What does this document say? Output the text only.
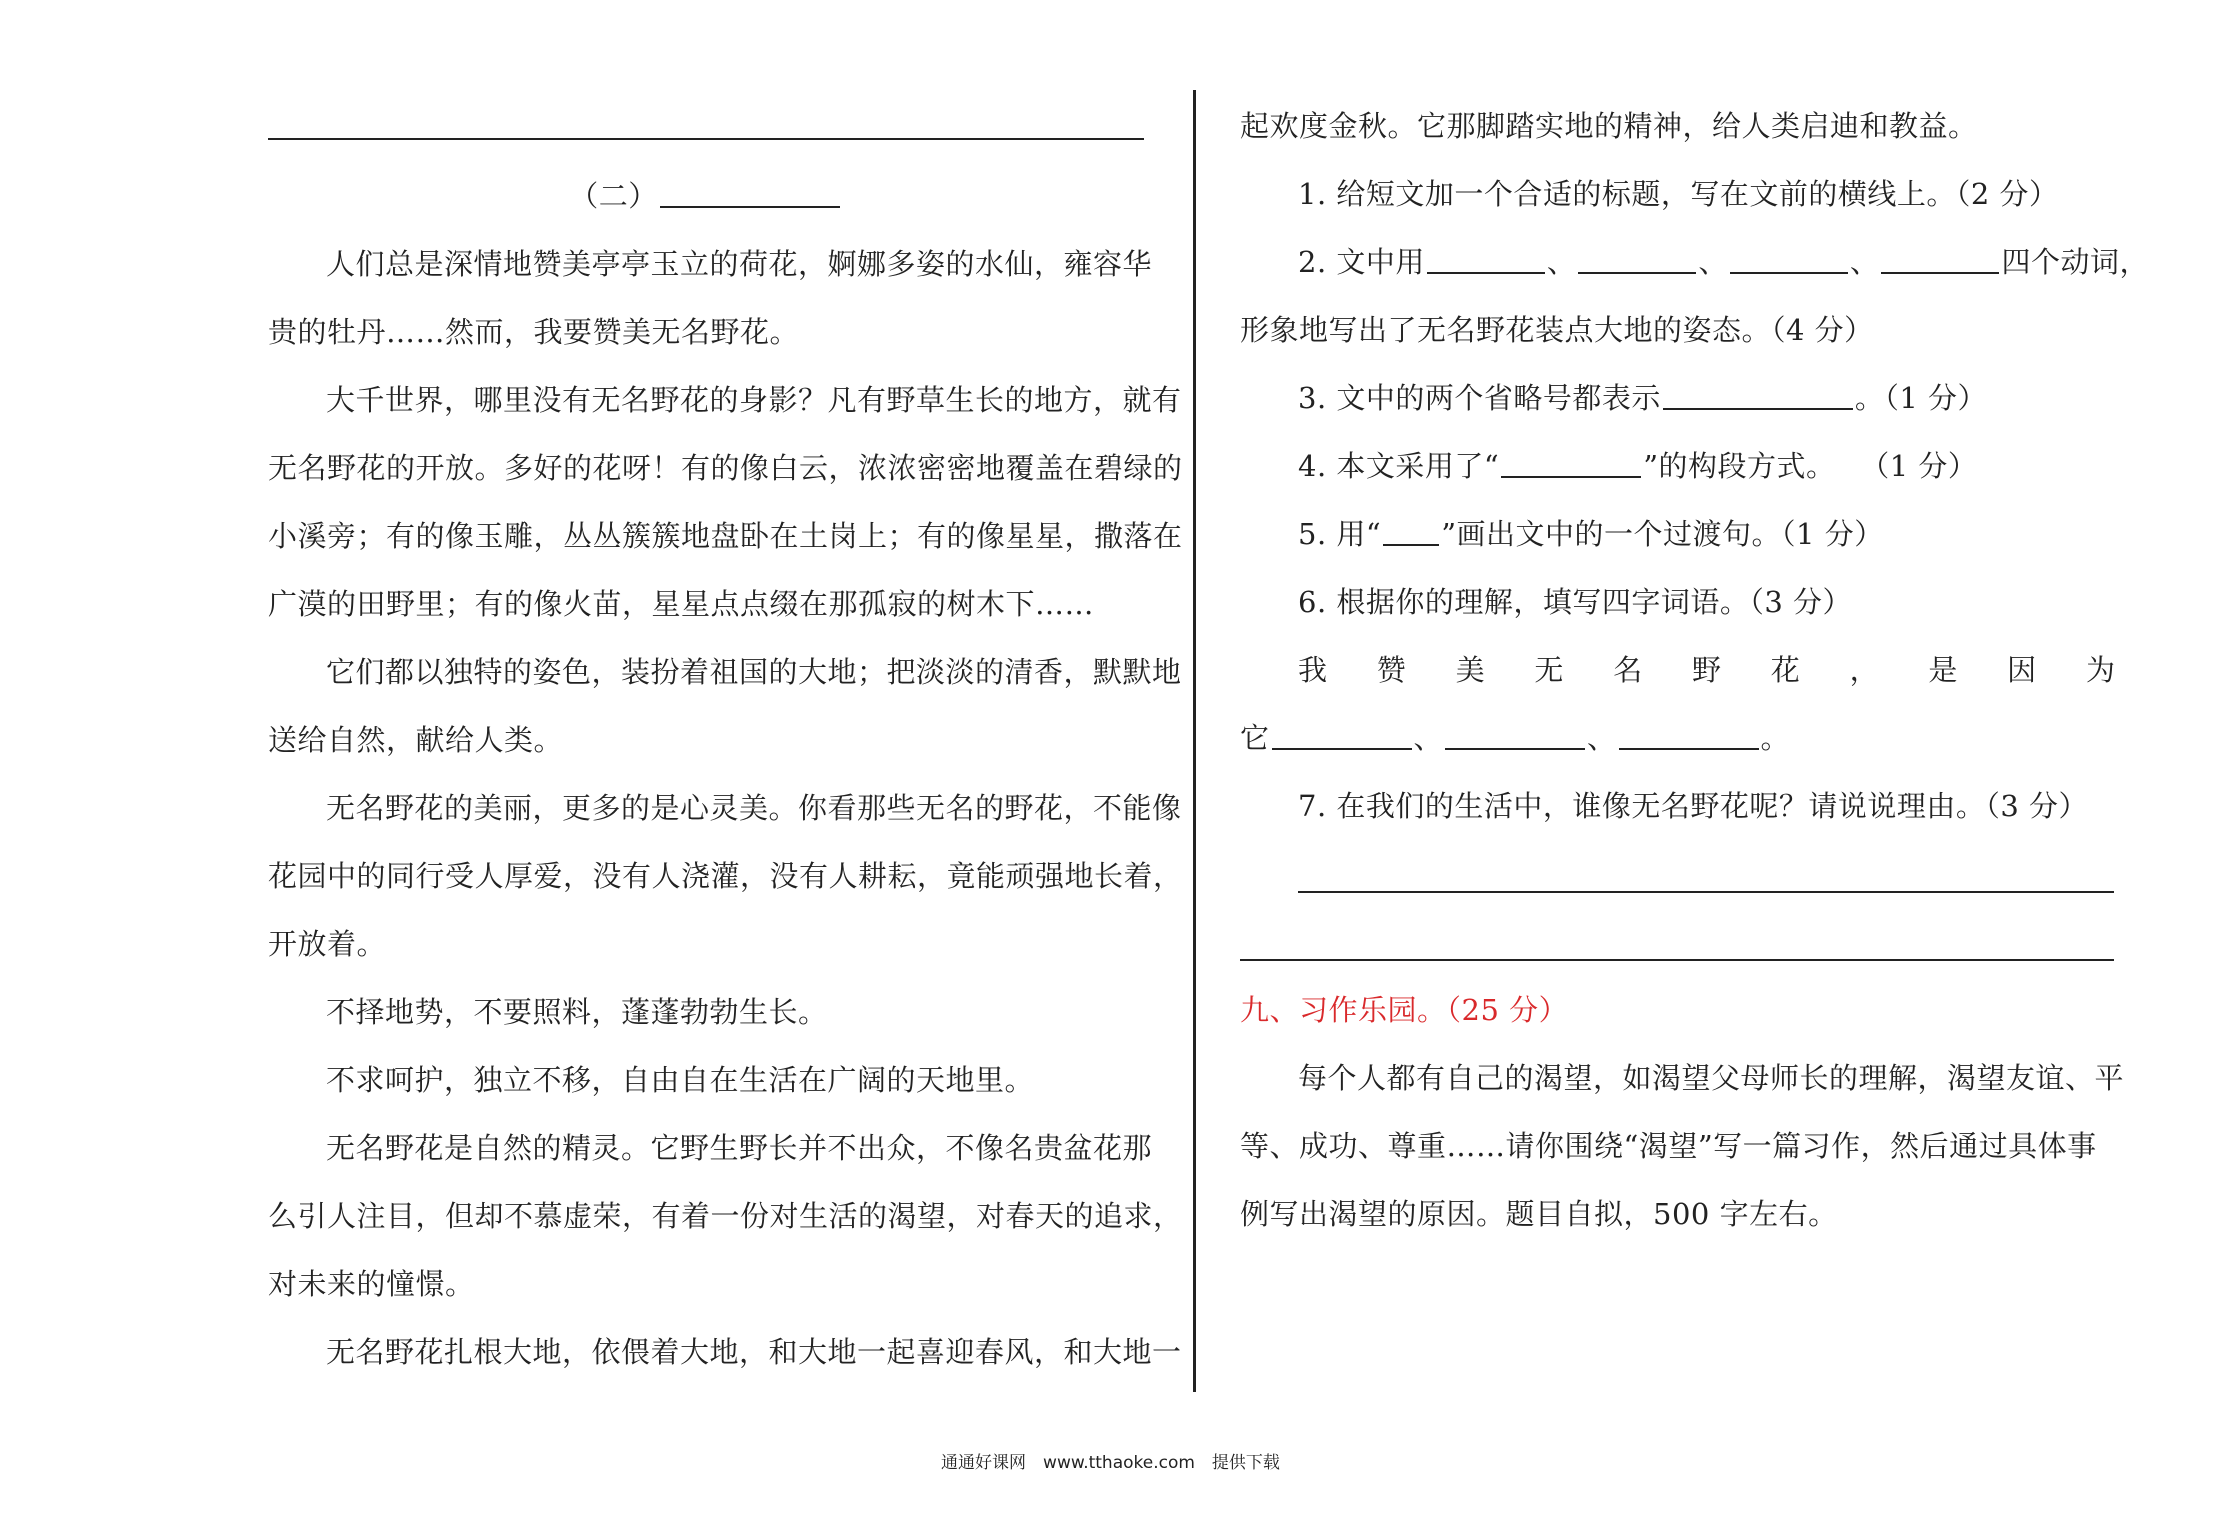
（二）
人们总是深情地赞美亭亭玉立的荷花，婀娜多姿的水仙，雍容华
贵的牡丹……然而，我要赞美无名野花。
大千世界，哪里没有无名野花的身影？凡有野草生长的地方，就有
无名野花的开放。多好的花呀！有的像白云，浓浓密密地覆盖在碧绿的
小溪旁；有的像玉雕，丛丛簇簇地盘卧在土岗上；有的像星星，撒落在
广漠的田野里；有的像火苗，星星点点缀在那孤寂的树木下……
它们都以独特的姿色，装扮着祖国的大地；把淡淡的清香，默默地
送给自然，献给人类。
无名野花的美丽，更多的是心灵美。你看那些无名的野花，不能像
花园中的同行受人厚爱，没有人浇灌，没有人耕耘，竟能顽强地长着，
开放着。
不择地势，不要照料，蓬蓬勃勃生长。
不求呵护，独立不移，自由自在生活在广阔的天地里。
无名野花是自然的精灵。它野生野长并不出众，不像名贵盆花那
么引人注目，但却不慕虚荣，有着一份对生活的渴望，对春天的追求，
对未来的憧憬。
无名野花扎根大地，依偎着大地，和大地一起喜迎春风，和大地一
起欢度金秋。它那脚踏实地的精神，给人类启迪和教益。
1. 给短文加一个合适的标题，写在文前的横线上。（2 分）
2. 文中用	、	、	、	四个动词，
形象地写出了无名野花装点大地的姿态。（4 分）
3. 文中的两个省略号都表示	。（1 分）
4. 本文采用了“	”的构段方式。　 （1 分）
5. 用“ ”画出文中的一个过渡句。（1 分）
6. 根据你的理解，填写四字词语。（3 分）
我 赞 美 无 名 野 花 ， 是 因 为
它	、	、	。
7. 在我们的生活中，谁像无名野花呢？请说说理由。（3 分）
九、习作乐园。（25 分）
每个人都有自己的渴望，如渴望父母师长的理解，渴望友谊、平
等、成功、尊重……请你围绕“渴望”写一篇习作，然后通过具体事
例写出渴望的原因。题目自拟，500 字左右。
通通好课网　www.tthaoke.com　提供下载
